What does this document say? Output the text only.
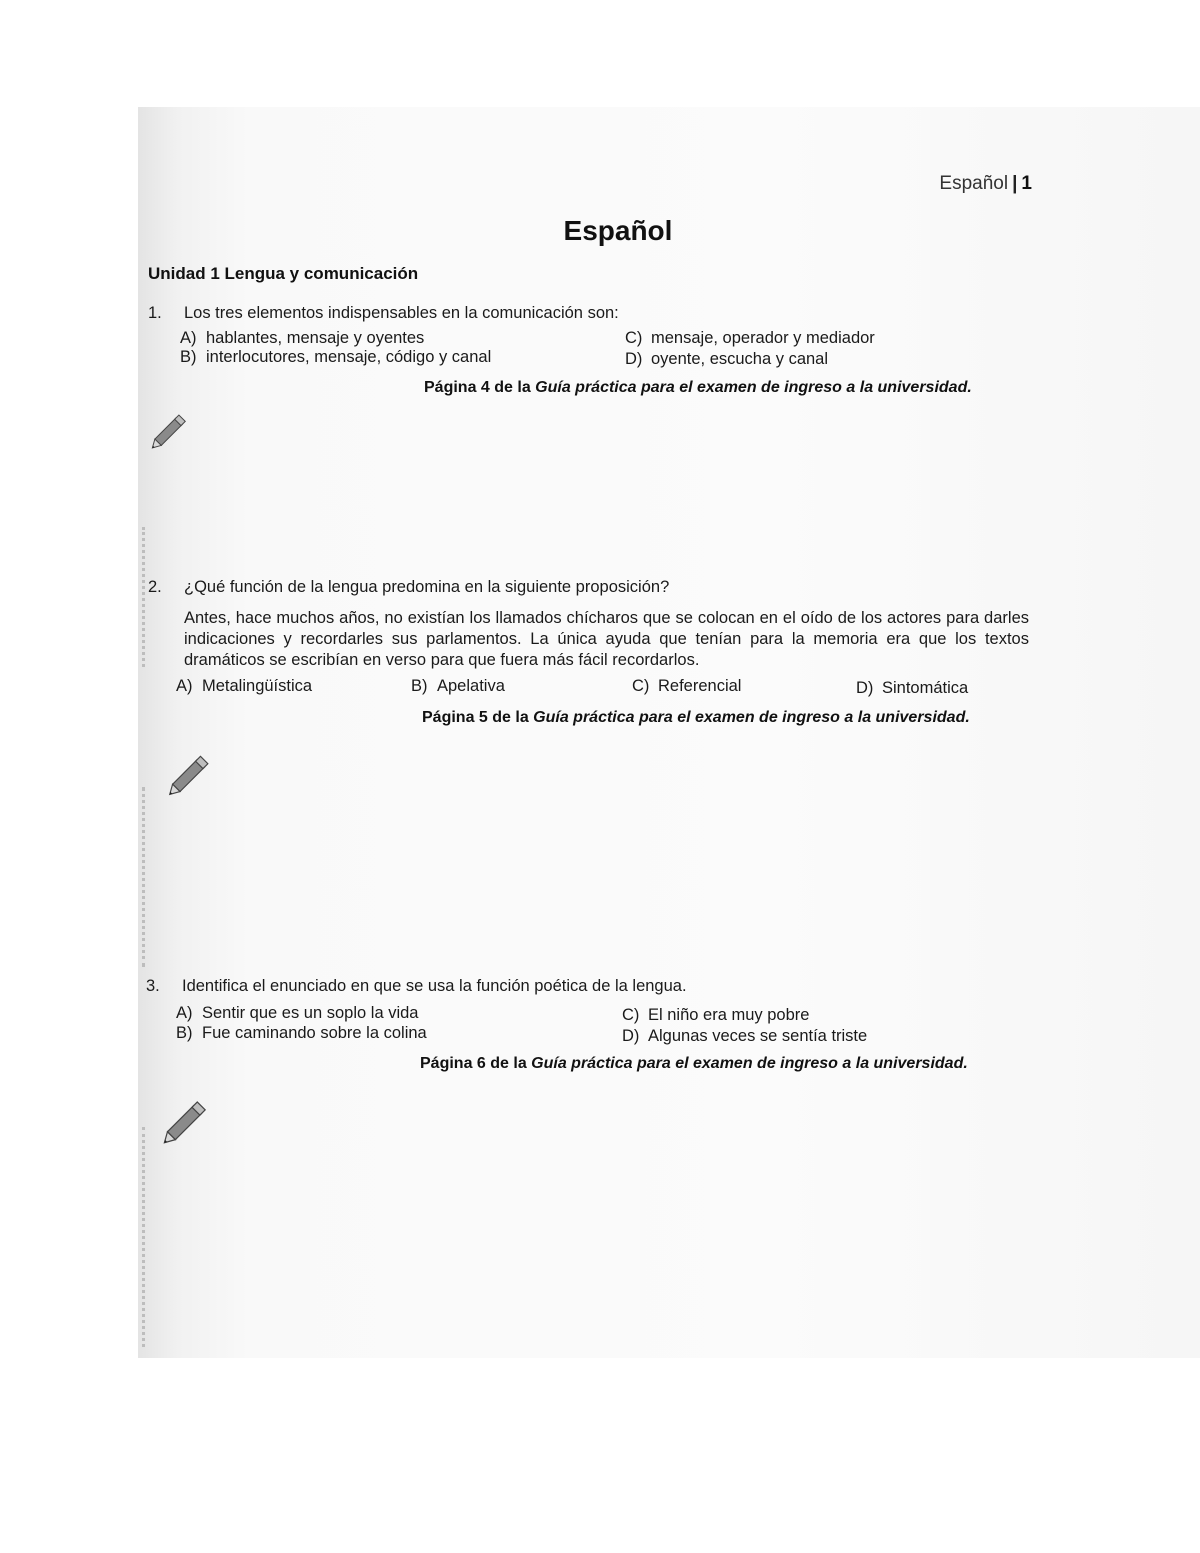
Español | 1
Español
Unidad 1 Lengua y comunicación
1. Los tres elementos indispensables en la comunicación son:
A) hablantes, mensaje y oyentes
B) interlocutores, mensaje, código y canal
C) mensaje, operador y mediador
D) oyente, escucha y canal
Página 4 de la Guía práctica para el examen de ingreso a la universidad.
2. ¿Qué función de la lengua predomina en la siguiente proposición?
Antes, hace muchos años, no existían los llamados chícharos que se colocan en el oído de los actores para darles indicaciones y recordarles sus parlamentos. La única ayuda que tenían para la memoria era que los textos dramáticos se escribían en verso para que fuera más fácil recordarlos.
A) Metalingüística	B) Apelativa	C) Referencial	D) Sintomática
Página 5 de la Guía práctica para el examen de ingreso a la universidad.
3. Identifica el enunciado en que se usa la función poética de la lengua.
A) Sentir que es un soplo la vida
B) Fue caminando sobre la colina
C) El niño era muy pobre
D) Algunas veces se sentía triste
Página 6 de la Guía práctica para el examen de ingreso a la universidad.
